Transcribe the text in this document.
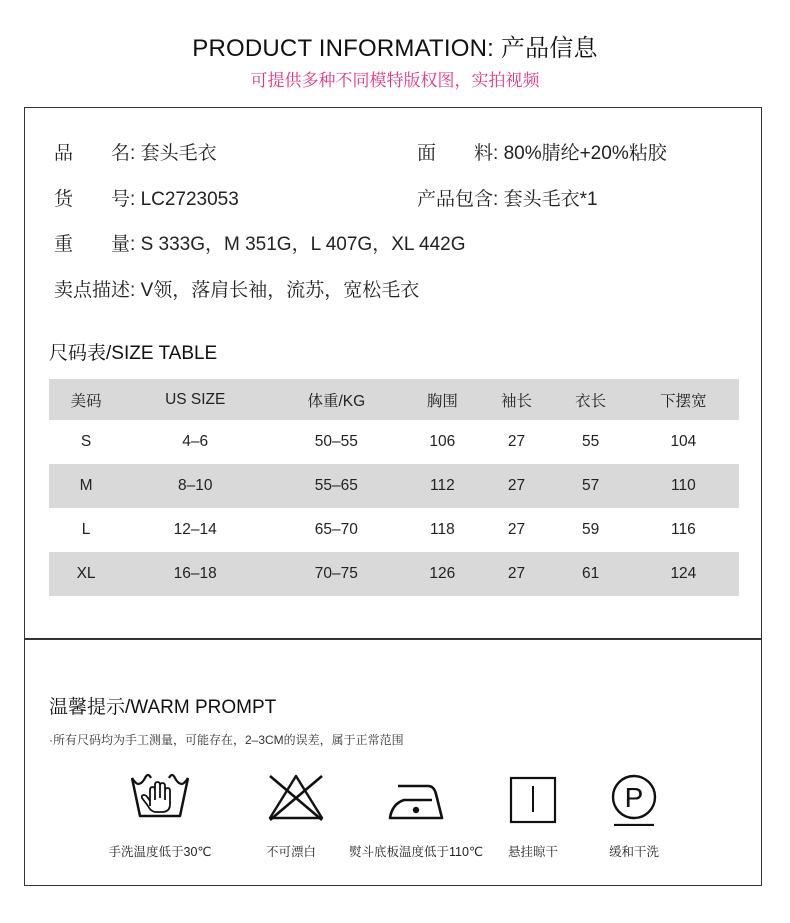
PRODUCT INFORMATION: 产品信息
可提供多种不同模特版权图，实拍视频
品　　名: 套头毛衣	面　　料: 80%腈纶+20%粘胶
货　　号: LC2723053	产品包含: 套头毛衣*1
重　　量: S 333G，M 351G，L 407G，XL 442G
卖点描述: V领，落肩长袖，流苏，宽松毛衣
尺码表/SIZE TABLE
美码	US SIZE	体重/KG	胸围	袖长	衣长	下摆宽
S	4–6	50–55	106	27	55	104
M	8–10	55–65	112	27	57	110
L	12–14	65–70	118	27	59	116
XL	16–18	70–75	126	27	61	124
温馨提示/WARM PROMPT
·所有尺码均为手工测量，可能存在，2–3CM的误差，属于正常范围
P
手洗温度低于30℃	不可漂白	熨斗底板温度低于110℃ 悬挂晾干	缓和干洗
